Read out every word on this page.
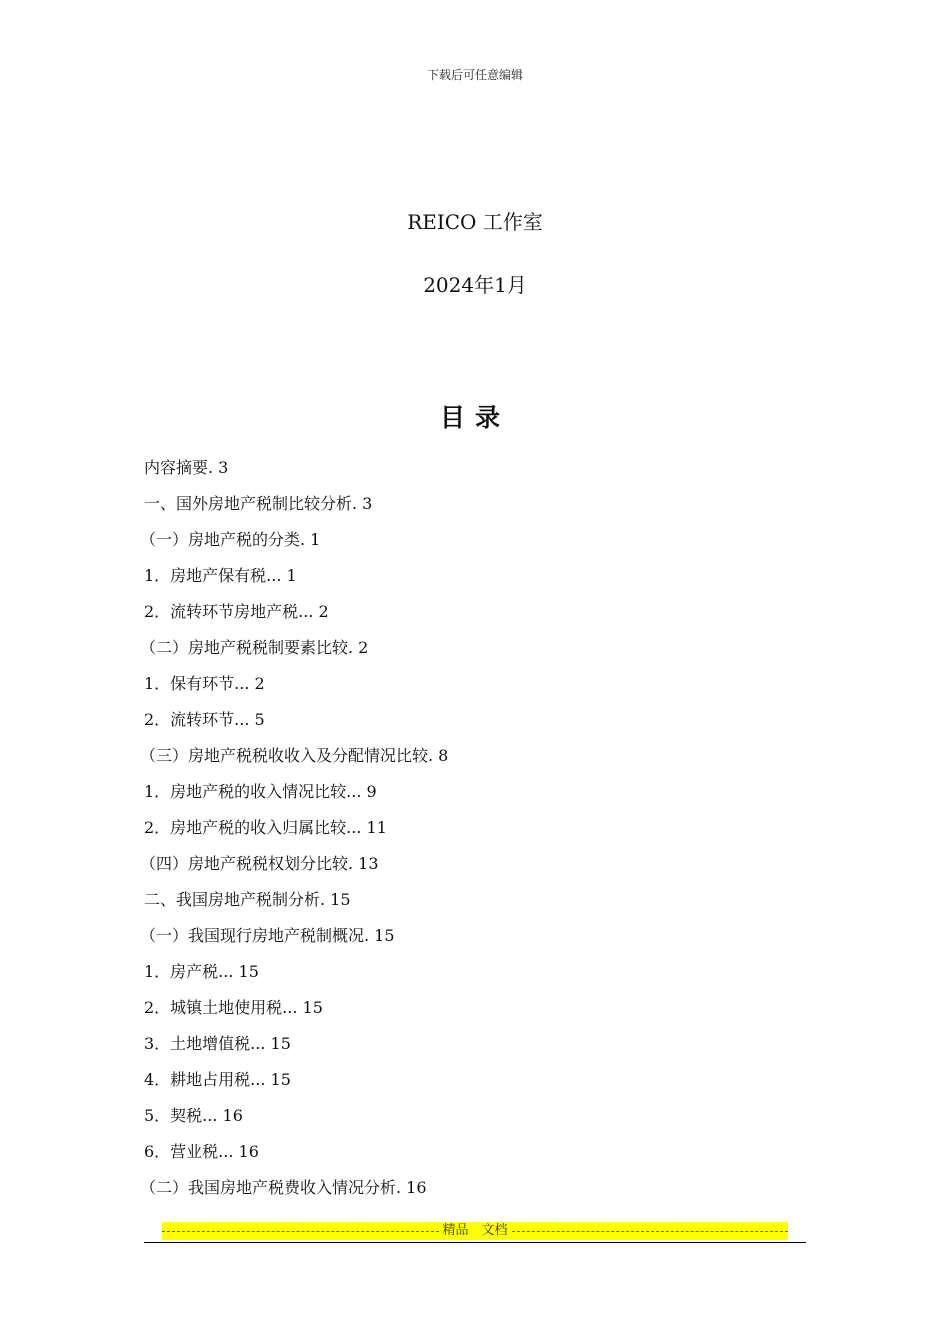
下载后可任意编辑
REICO 工作室
2024年1月
目录
内容摘要. 3
一、国外房地产税制比较分析. 3
（一）房地产税的分类. 1
1．房地产保有税... 1
2．流转环节房地产税... 2
（二）房地产税税制要素比较. 2
1．保有环节... 2
2．流转环节... 5
（三）房地产税税收收入及分配情况比较. 8
1．房地产税的收入情况比较... 9
2．房地产税的收入归属比较... 11
（四）房地产税税权划分比较. 13
二、我国房地产税制分析. 15
（一）我国现行房地产税制概况. 15
1．房产税... 15
2．城镇土地使用税... 15
3．土地增值税... 15
4．耕地占用税... 15
5．契税... 16
6．营业税... 16
（二）我国房地产税费收入情况分析. 16
精品　文档
